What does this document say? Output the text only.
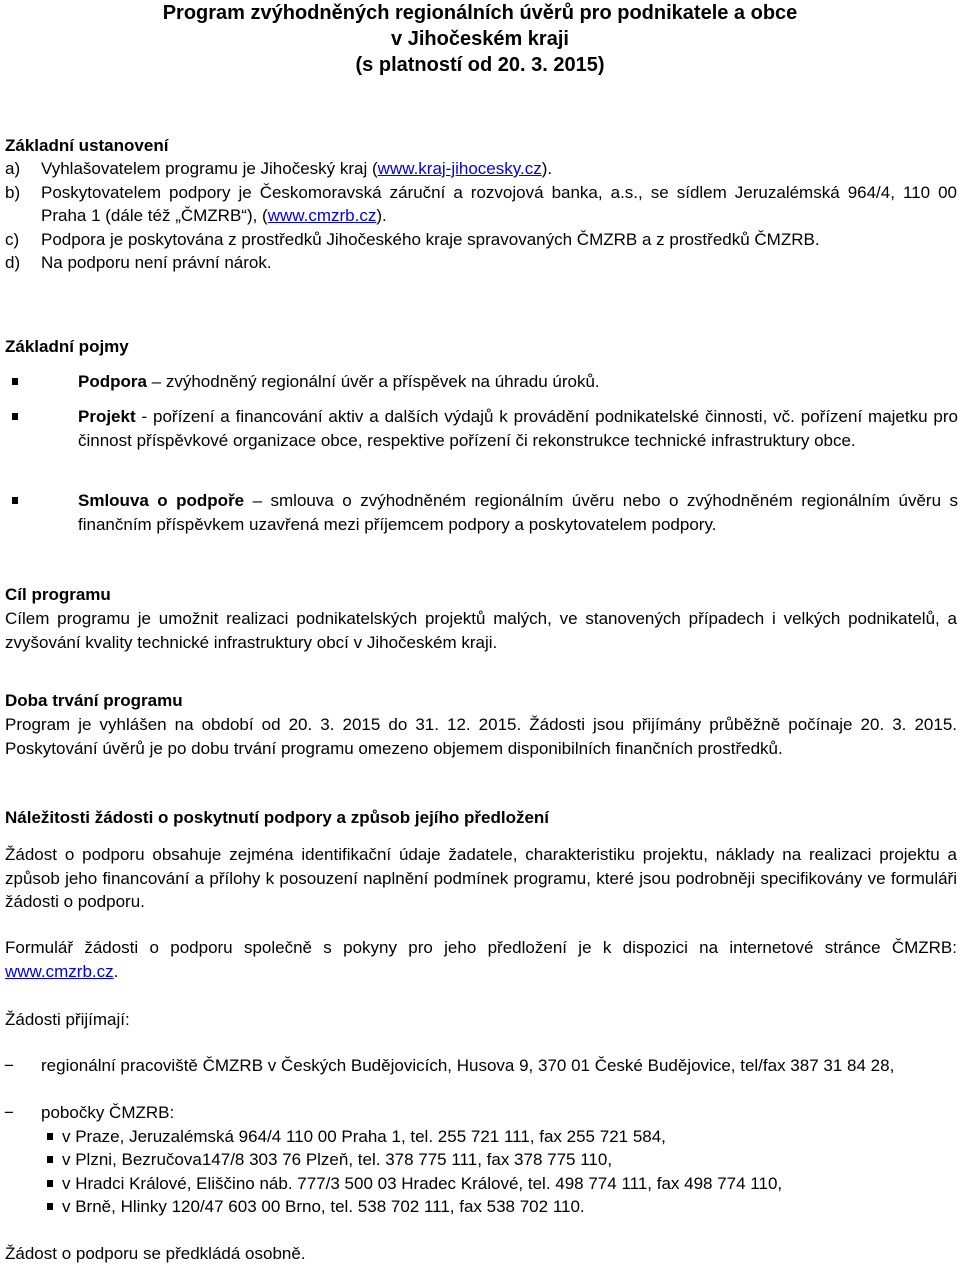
Program zvýhodněných regionálních úvěrů pro podnikatele a obce
v Jihočeském kraji
(s platností od 20. 3. 2015)
Základní ustanovení
a) Vyhlašovatelem programu je Jihočeský kraj (www.kraj-jihocesky.cz).
b) Poskytovatelem podpory je Českomoravská záruční a rozvojová banka, a.s., se sídlem Jeruzalémská 964/4, 110 00 Praha 1 (dále též „ČMZRB“), (www.cmzrb.cz).
c) Podpora je poskytována z prostředků Jihočeského kraje spravovaných ČMZRB a z prostředků ČMZRB.
d) Na podporu není právní nárok.
Základní pojmy
Podpora – zvýhodněný regionální úvěr a příspěvek na úhradu úroků.
Projekt - pořízení a financování aktiv a dalších výdajů k provádění podnikatelské činnosti, vč. pořízení majetku pro činnost příspěvkové organizace obce, respektive pořízení či rekonstrukce technické infrastruktury obce.
Smlouva o podpoře – smlouva o zvýhodněném regionálním úvěru nebo o zvýhodněném regionálním úvěru s finančním příspěvkem uzavřená mezi příjemcem podpory a poskytovatelem podpory.
Cíl programu
Cílem programu je umožnit realizaci podnikatelských projektů malých, ve stanovených případech i velkých podnikatelů, a zvyšování kvality technické infrastruktury obcí v Jihočeském kraji.
Doba trvání programu
Program je vyhlášen na období od 20. 3. 2015 do 31. 12. 2015. Žádosti jsou přijímány průběžně počínaje 20. 3. 2015. Poskytování úvěrů je po dobu trvání programu omezeno objemem disponibilních finančních prostředků.
Náležitosti žádosti o poskytnutí podpory a způsob jejího předložení
Žádost o podporu obsahuje zejména identifikační údaje žadatele, charakteristiku projektu, náklady na realizaci projektu a způsob jeho financování a přílohy k posouzení naplnění podmínek programu, které jsou podrobněji specifikovány ve formuláři žádosti o podporu.
Formulář žádosti o podporu společně s pokyny pro jeho předložení je k dispozici na internetové stránce ČMZRB: www.cmzrb.cz.
Žádosti přijímají:
− regionální pracoviště ČMZRB v Českých Budějovicích, Husova 9, 370 01 České Budějovice, tel/fax 387 31 84 28,
− pobočky ČMZRB:
v Praze, Jeruzalémská 964/4 110 00 Praha 1, tel. 255 721 111, fax 255 721 584,
v Plzni, Bezručova147/8 303 76 Plzeň, tel. 378 775 111, fax 378 775 110,
v Hradci Králové, Eliščino náb. 777/3 500 03 Hradec Králové, tel. 498 774 111, fax 498 774 110,
v Brně, Hlinky 120/47 603 00 Brno, tel. 538 702 111, fax 538 702 110.
Žádost o podporu se předkládá osobně.
